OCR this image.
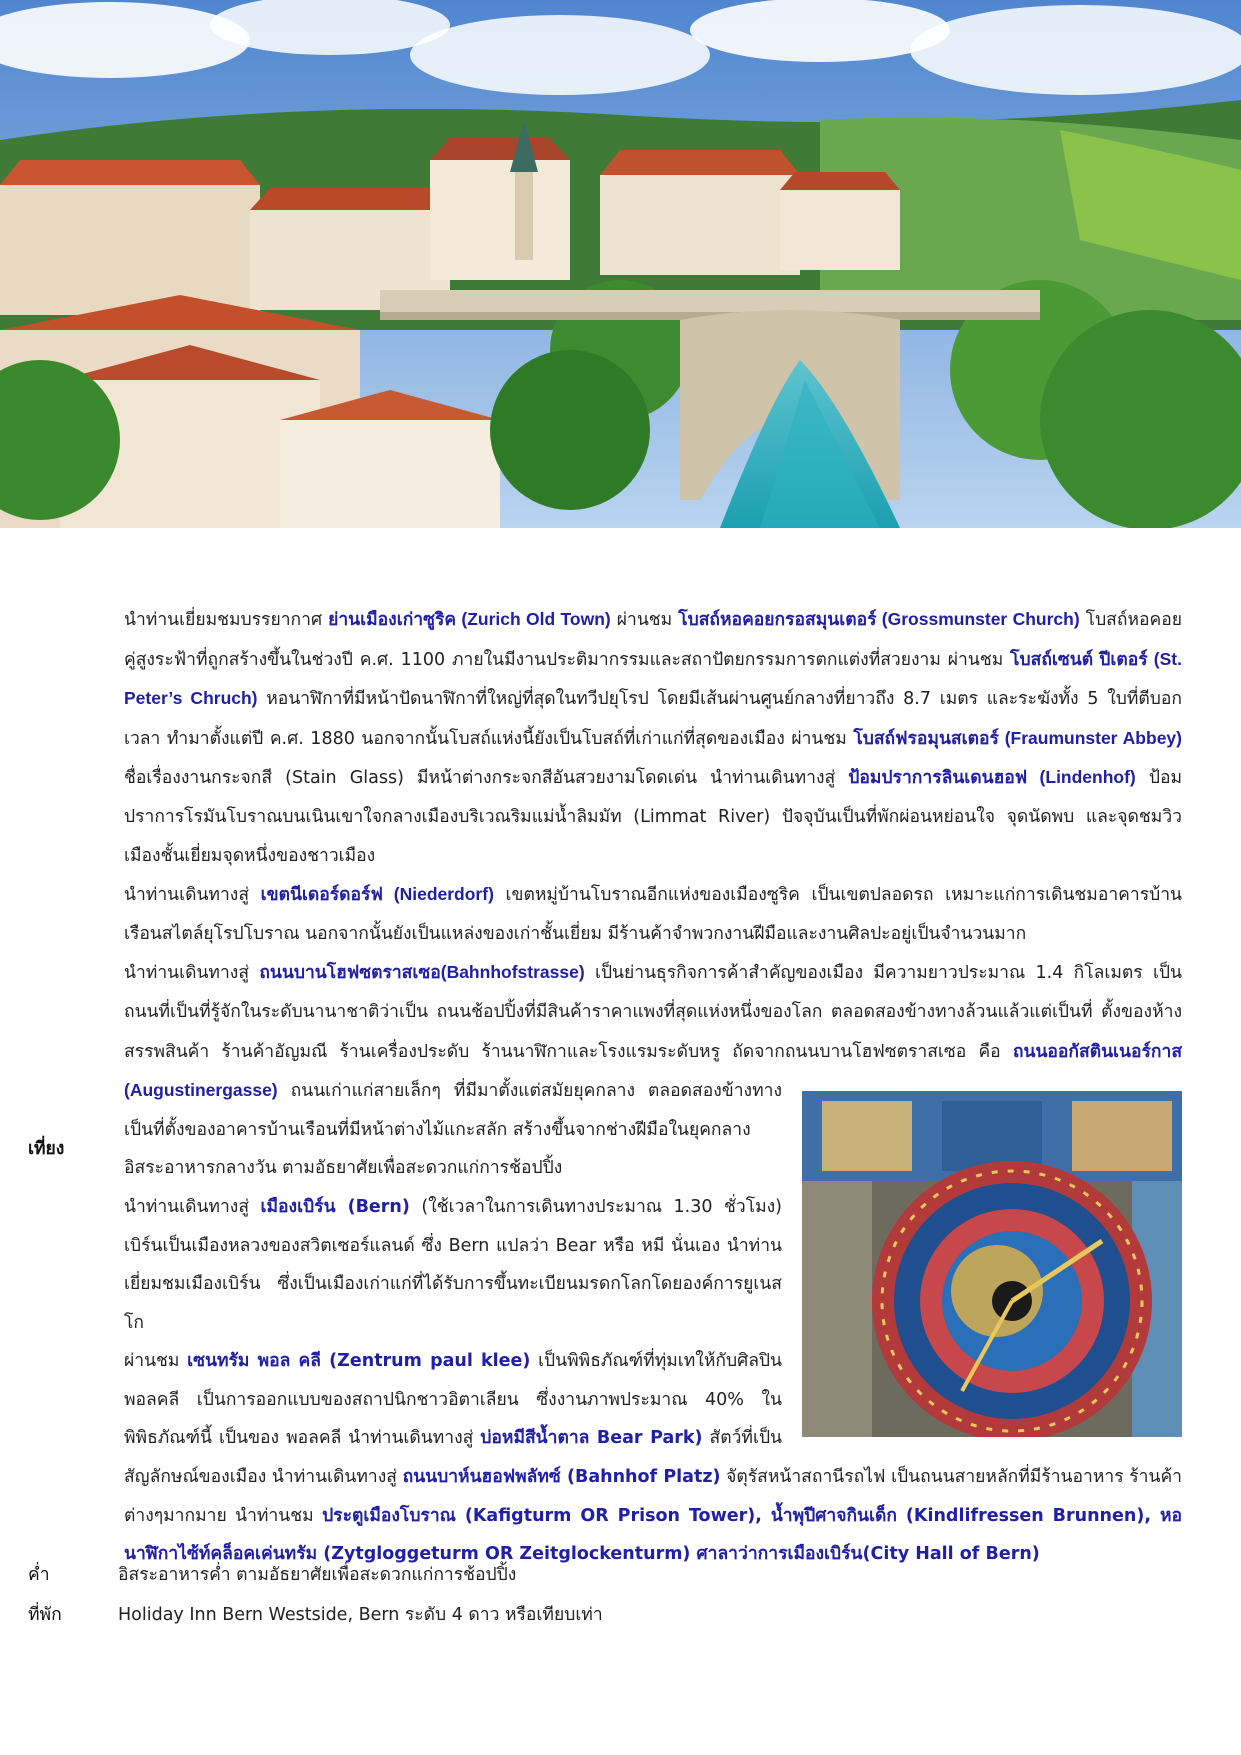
นำท่านเยี่ยมชมบรรยากาศ ย่านเมืองเก่าซูริค (Zurich Old Town) ผ่านชม โบสถ์หอคอยกรอสมุนเตอร์ (Grossmunster Church) โบสถ์หอคอยคู่สูงระฟ้าที่ถูกสร้างขึ้นในช่วงปี ค.ศ. 1100 ภายในมีงานประติมากรรมและสถาปัตยกรรมการตกแต่งที่สวยงาม ผ่านชม โบสถ์เซนต์ ปีเตอร์ (St. Peter’s Chruch) หอนาฬิกาที่มีหน้าปัดนาฬิกาที่ใหญ่ที่สุดในทวีปยุโรป โดยมีเส้นผ่านศูนย์กลางที่ยาวถึง 8.7 เมตร และระฆังทั้ง 5 ใบที่ตีบอกเวลา ทำมาตั้งแต่ปี ค.ศ. 1880 นอกจากนั้นโบสถ์แห่งนี้ยังเป็นโบสถ์ที่เก่าแก่ที่สุดของเมือง ผ่านชม โบสถ์ฟรอมุนสเตอร์ (Fraumunster Abbey) ชื่อเรื่องงานกระจกสี (Stain Glass) มีหน้าต่างกระจกสีอันสวยงามโดดเด่น นำท่านเดินทางสู่ ป้อมปราการลินเดนฮอฟ (Lindenhof) ป้อมปราการโรมันโบราณบนเนินเขาใจกลางเมืองบริเวณริมแม่น้ำลิมมัท (Limmat River) ปัจจุบันเป็นที่พักผ่อนหย่อนใจ จุดนัดพบ และจุดชมวิวเมืองชั้นเยี่ยมจุดหนึ่งของชาวเมือง

นำท่านเดินทางสู่ เขตนีเดอร์ดอร์ฟ (Niederdorf) เขตหมู่บ้านโบราณอีกแห่งของเมืองซูริค เป็นเขตปลอดรถ เหมาะแก่การเดินชมอาคารบ้านเรือนสไตล์ยุโรปโบราณ นอกจากนั้นยังเป็นแหล่งของเก่าชั้นเยี่ยม มีร้านค้าจำพวกงานฝีมือและงานศิลปะอยู่เป็นจำนวนมาก

นำท่านเดินทางสู่ ถนนบานโฮฟซตราสเซอ(Bahnhofstrasse) เป็นย่านธุรกิจการค้าสำคัญของเมือง มีความยาวประมาณ 1.4 กิโลเมตร เป็นถนนที่เป็นที่รู้จักในระดับนานาชาติว่าเป็น ถนนช้อปปิ้งที่มีสินค้าราคาแพงที่สุดแห่งหนึ่งของโลก ตลอดสองข้างทางล้วนแล้วแต่เป็นที่ ตั้งของห้างสรรพสินค้า ร้านค้าอัญมณี ร้านเครื่องประดับ ร้านนาฬิกาและโรงแรมระดับหรู ถัดจากถนนบานโฮฟซตราสเซอ คือ ถนนออกัสตินเนอร์กาส (Augustinergasse)
ถนนเก่าแก่สายเล็กๆ ที่มีมาตั้งแต่สมัยยุคกลาง ตลอดสองข้างทางเป็นที่ตั้งของอาคารบ้านเรือนที่มีหน้าต่างไม้แกะสลัก สร้างขึ้นจากช่างฝีมือในยุคกลาง

อิสระอาหารกลางวัน ตามอัธยาศัยเพื่อสะดวกแก่การช้อปปิ้ง

นำท่านเดินทางสู่ เมืองเบิร์น (Bern) (ใช้เวลาในการเดินทางประมาณ 1.30 ชั่วโมง) เบิร์นเป็นเมืองหลวงของสวิตเซอร์แลนด์ ซึ่ง Bern แปลว่า Bear หรือ หมี นั่นเอง นำท่านเยี่ยมชมเมืองเบิร์น ซึ่งเป็นเมืองเก่าแก่ที่ได้รับการขึ้นทะเบียนมรดกโลกโดยองค์การยูเนสโก

ผ่านชม เซนทรัม พอล คลี (Zentrum paul klee) เป็นพิพิธภัณฑ์ที่ทุ่มเทให้กับศิลปินพอลคลี เป็นการออกแบบของสถาปนิกชาวอิตาเลียน ซึ่งงานภาพประมาณ 40% ในพิพิธภัณฑ์นี้ เป็นของ พอลคลี นำท่านเดินทางสู่ บ่อหมีสีน้ำตาล Bear Park) สัตว์ที่เป็นสัญลักษณ์ของเมือง นำท่านเดินทางสู่ ถนนบาห์นฮอฟพลัทซ์ (Bahnhof Platz) จัตุรัสหน้าสถานีรถไฟ เป็นถนนสายหลักที่มีร้านอาหาร ร้านค้า ต่างๆมากมาย นำท่านชม ประตูเมืองโบราณ (Kafigturm OR Prison Tower), น้ำพุปีศาจกินเด็ก (Kindlifressen Brunnen), หอนาฬิกาไซ้ท์คล็อคเค่นทรัม (Zytgloggeturm OR Zeitglockenturm) ศาลาว่าการเมืองเบิร์น(City Hall of Bern)

เที่ยง
ค่ำ	อิสระอาหารค่ำ ตามอัธยาศัยเพื่อสะดวกแก่การช้อปปิ้ง
ที่พัก	Holiday Inn Bern Westside, Bern ระดับ 4 ดาว หรือเทียบเท่า
